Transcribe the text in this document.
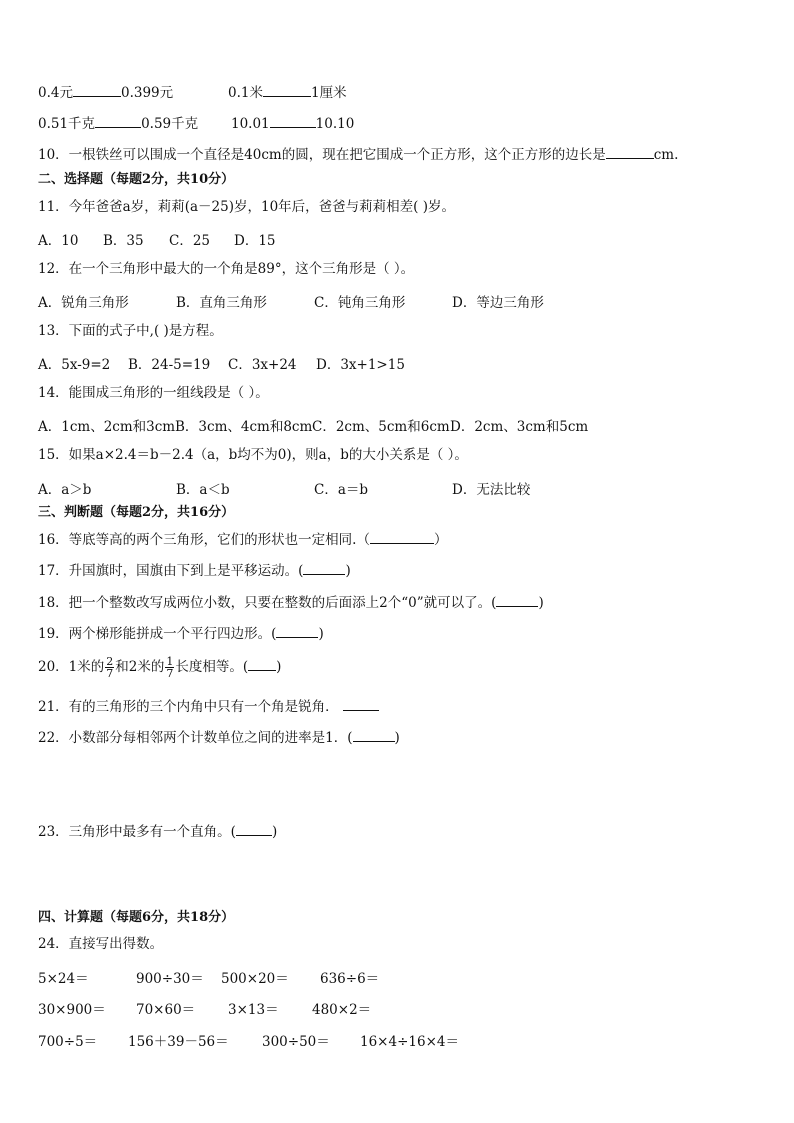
0.4元	0.399元	0.1米	1厘米
0.51千克	0.59千克 10.01	10.10
10．一根铁丝可以围成一个直径是40cm的圆，现在把它围成一个正方形，这个正方形的边长是	cm.
二、选择题（每题2分，共10分）
11．今年爸爸a岁，莉莉(a－25)岁，10年后，爸爸与莉莉相差( )岁。
A．10 B．35 C．25 D．15
12．在一个三角形中最大的一个角是89°，这个三角形是（ ）。
A．锐角三角形	B．直角三角形	C．钝角三角形	D．等边三角形
13．下面的式子中,( )是方程。
A．5x-9=2 B．24-5=19 C．3x+24 D．3x+1>15
14．能围成三角形的一组线段是（ ）。
A．1cm、2cm和3cm B．3cm、4cm和8cm C．2cm、5cm和6cm D．2cm、3cm和5cm
15．如果a×2.4＝b－2.4（a，b均不为0)，则a，b的大小关系是（ ）。
A．a＞b	B．a＜b	C．a＝b	D．无法比较
三、判断题（每题2分，共16分）
16．等底等高的两个三角形，它们的形状也一定相同.（	）
17．升国旗时，国旗由下到上是平移运动。(	)
18．把一个整数改写成两位小数，只要在整数的后面添上2个“0”就可以了。(	)
19．两个梯形能拼成一个平行四边形。(	)
20．1米的 $\frac{2}{7}$ 和2米的 $\frac{1}{7}$ 长度相等。( )
21．有的三角形的三个内角中只有一个角是锐角．
22．小数部分每相邻两个计数单位之间的进率是1．(	)
23．三角形中最多有一个直角。(	)
四、计算题（每题6分，共18分）
24．直接写出得数。
5×24＝	900÷30＝ 500×20＝ 636÷6＝
30×900＝ 70×60＝ 3×13＝ 480×2＝
700÷5＝ 156＋39－56＝ 300÷50＝ 16×4÷16×4＝
